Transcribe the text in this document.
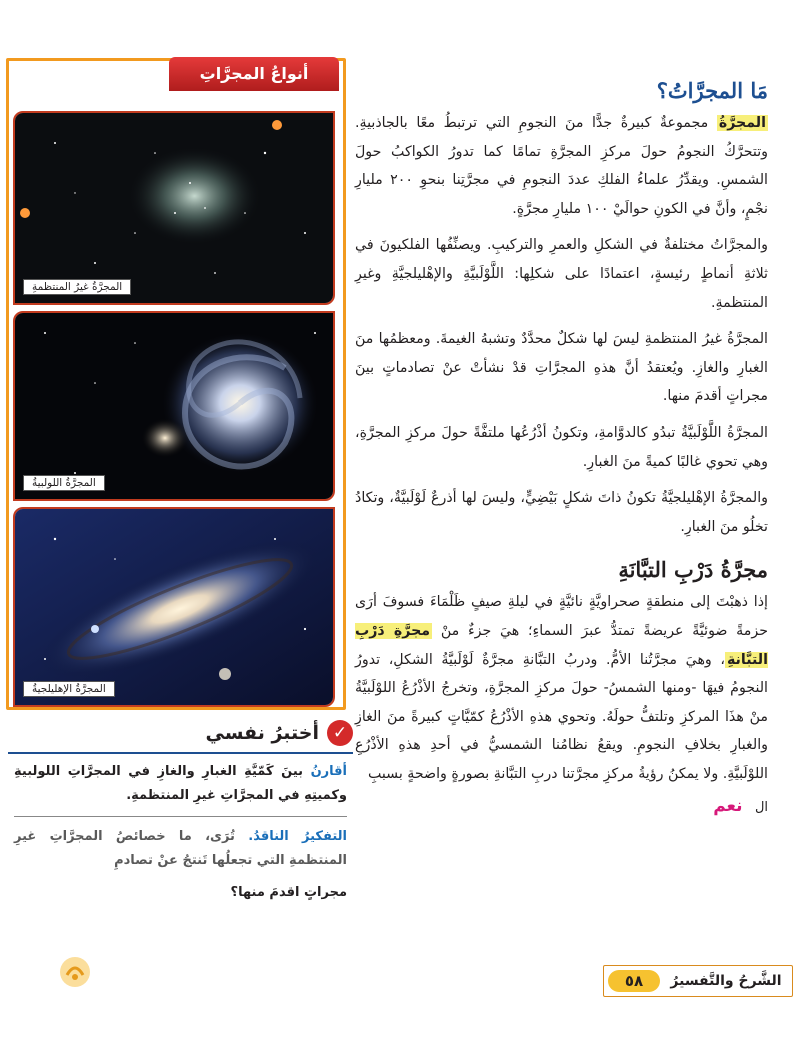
مَا المجرَّاتُ؟

المجرَّةُ مجموعةٌ كبيرةٌ جدًّا منَ النجومِ التي ترتبطُ معًا بالجاذبيةِ. وتتحرَّكُ النجومُ حولَ مركزِ المجرَّةِ تمامًا كما تدورُ الكواكبُ حولَ الشمسِ. ويقدِّرُ علماءُ الفلكِ عددَ النجومِ في مجرَّتِنا بنحوِ ٢٠٠ مليارِ نجْمٍ، وأنَّ في الكونِ حوالَيْ ١٠٠ مليارِ مجرَّةٍ.

والمجرَّاتُ مختلفةٌ في الشكلِ والعمرِ والتركيبِ. ويصنِّفُها الفلكيونَ في ثلاثةِ أنماطٍ رئيسةٍ، اعتمادًا على شكلِها: اللَّوْلَبيَّةِ والإهْليلجيَّةِ وغيرِ المنتظمةِ.

المجرَّةُ غيرُ المنتظمةِ ليسَ لها شكلٌ محدَّدٌ وتشبهُ الغيمةَ. ومعظمُها منَ الغبارِ والغازِ. ويُعتقدُ أنَّ هذهِ المجرَّاتِ قدْ نشأتْ عنْ تصادماتٍ بينَ مجراتٍ أقدمَ منها.

المجرَّةُ اللَّوْلَبيَّةُ تبدُو كالدوَّامةِ، وتكونُ أذْرُعُها ملتفَّةً حولَ مركزِ المجرَّةِ، وهي تحوي غالبًا كميةً منَ الغبارِ.

والمجرَّةُ الإهْليلجيَّةُ تكونُ ذاتَ شكلٍ بَيْضِيٍّ، وليسَ لها أذرعٌ لَوْلَبيَّةٌ، وتكادُ تخلُو منَ الغبارِ.

مجرَّةُ دَرْبِ التبَّانَةِ

إذا ذهبْتَ إلى منطقةٍ صحراويَّةٍ نائيَّةٍ في ليلةِ صيفٍ ظَلْمَاءَ فسوفَ أرَى حزمةً ضوئيَّةً عريضةً تمتدُّ عبرَ السماءِ؛ هيَ جزءٌ منْ مجرَّةِ دَرْبِ التبَّانةِ، وهيَ مجرَّتُنا الأمُّ. ودربُ التبَّانةِ مجرَّةٌ لَوْلَبيَّةُ الشكلِ، تدورُ النجومُ فيهَا -ومنها الشمسُ- حولَ مركزِ المجرَّةِ، وتخرجُ الأذْرُعُ اللوْلَبيَّةُ منْ هذَا المركزِ وتلتفُّ حولَهُ. وتحوي هذهِ الأذْرُعُ كمّيَّاتٍ كبيرةً منَ الغازِ والغبارِ بخلافِ النجومِ. ويقعُ نظامُنا الشمسيُّ في أحدِ هذهِ الأذْرُعِ اللوْلَبيَّةِ. ولا يمكنُ رؤيةُ مركزِ مجرَّتنا دربِ التبَّانةِ بصورةٍ واضحةٍ بسببِ

ال   نعم
أنواعُ المجرَّاتِ
المجرَّةُ غيرُ المنتظمةِ
المجرَّةُ اللولبيةُ
المجرَّةُ الإهليلجيةُ
✓
أختبرُ نفسي
أقارنُ بينَ كَمّيَّةِ الغبارِ والغازِ في المجرَّاتِ اللولبيةِ وكميتِهِ في المجرَّاتِ غيرِ المنتظمةِ.
التفكيرُ الناقدُ. تُرَى، ما خصائصُ المجرَّاتِ غيرِ المنتظمةِ التي تجعلُها تَنتجُ عنْ تصادمِ
مجراتٍ اقدمَ منها؟
الشَّرحُ والتَّفسيرُ
٥٨
